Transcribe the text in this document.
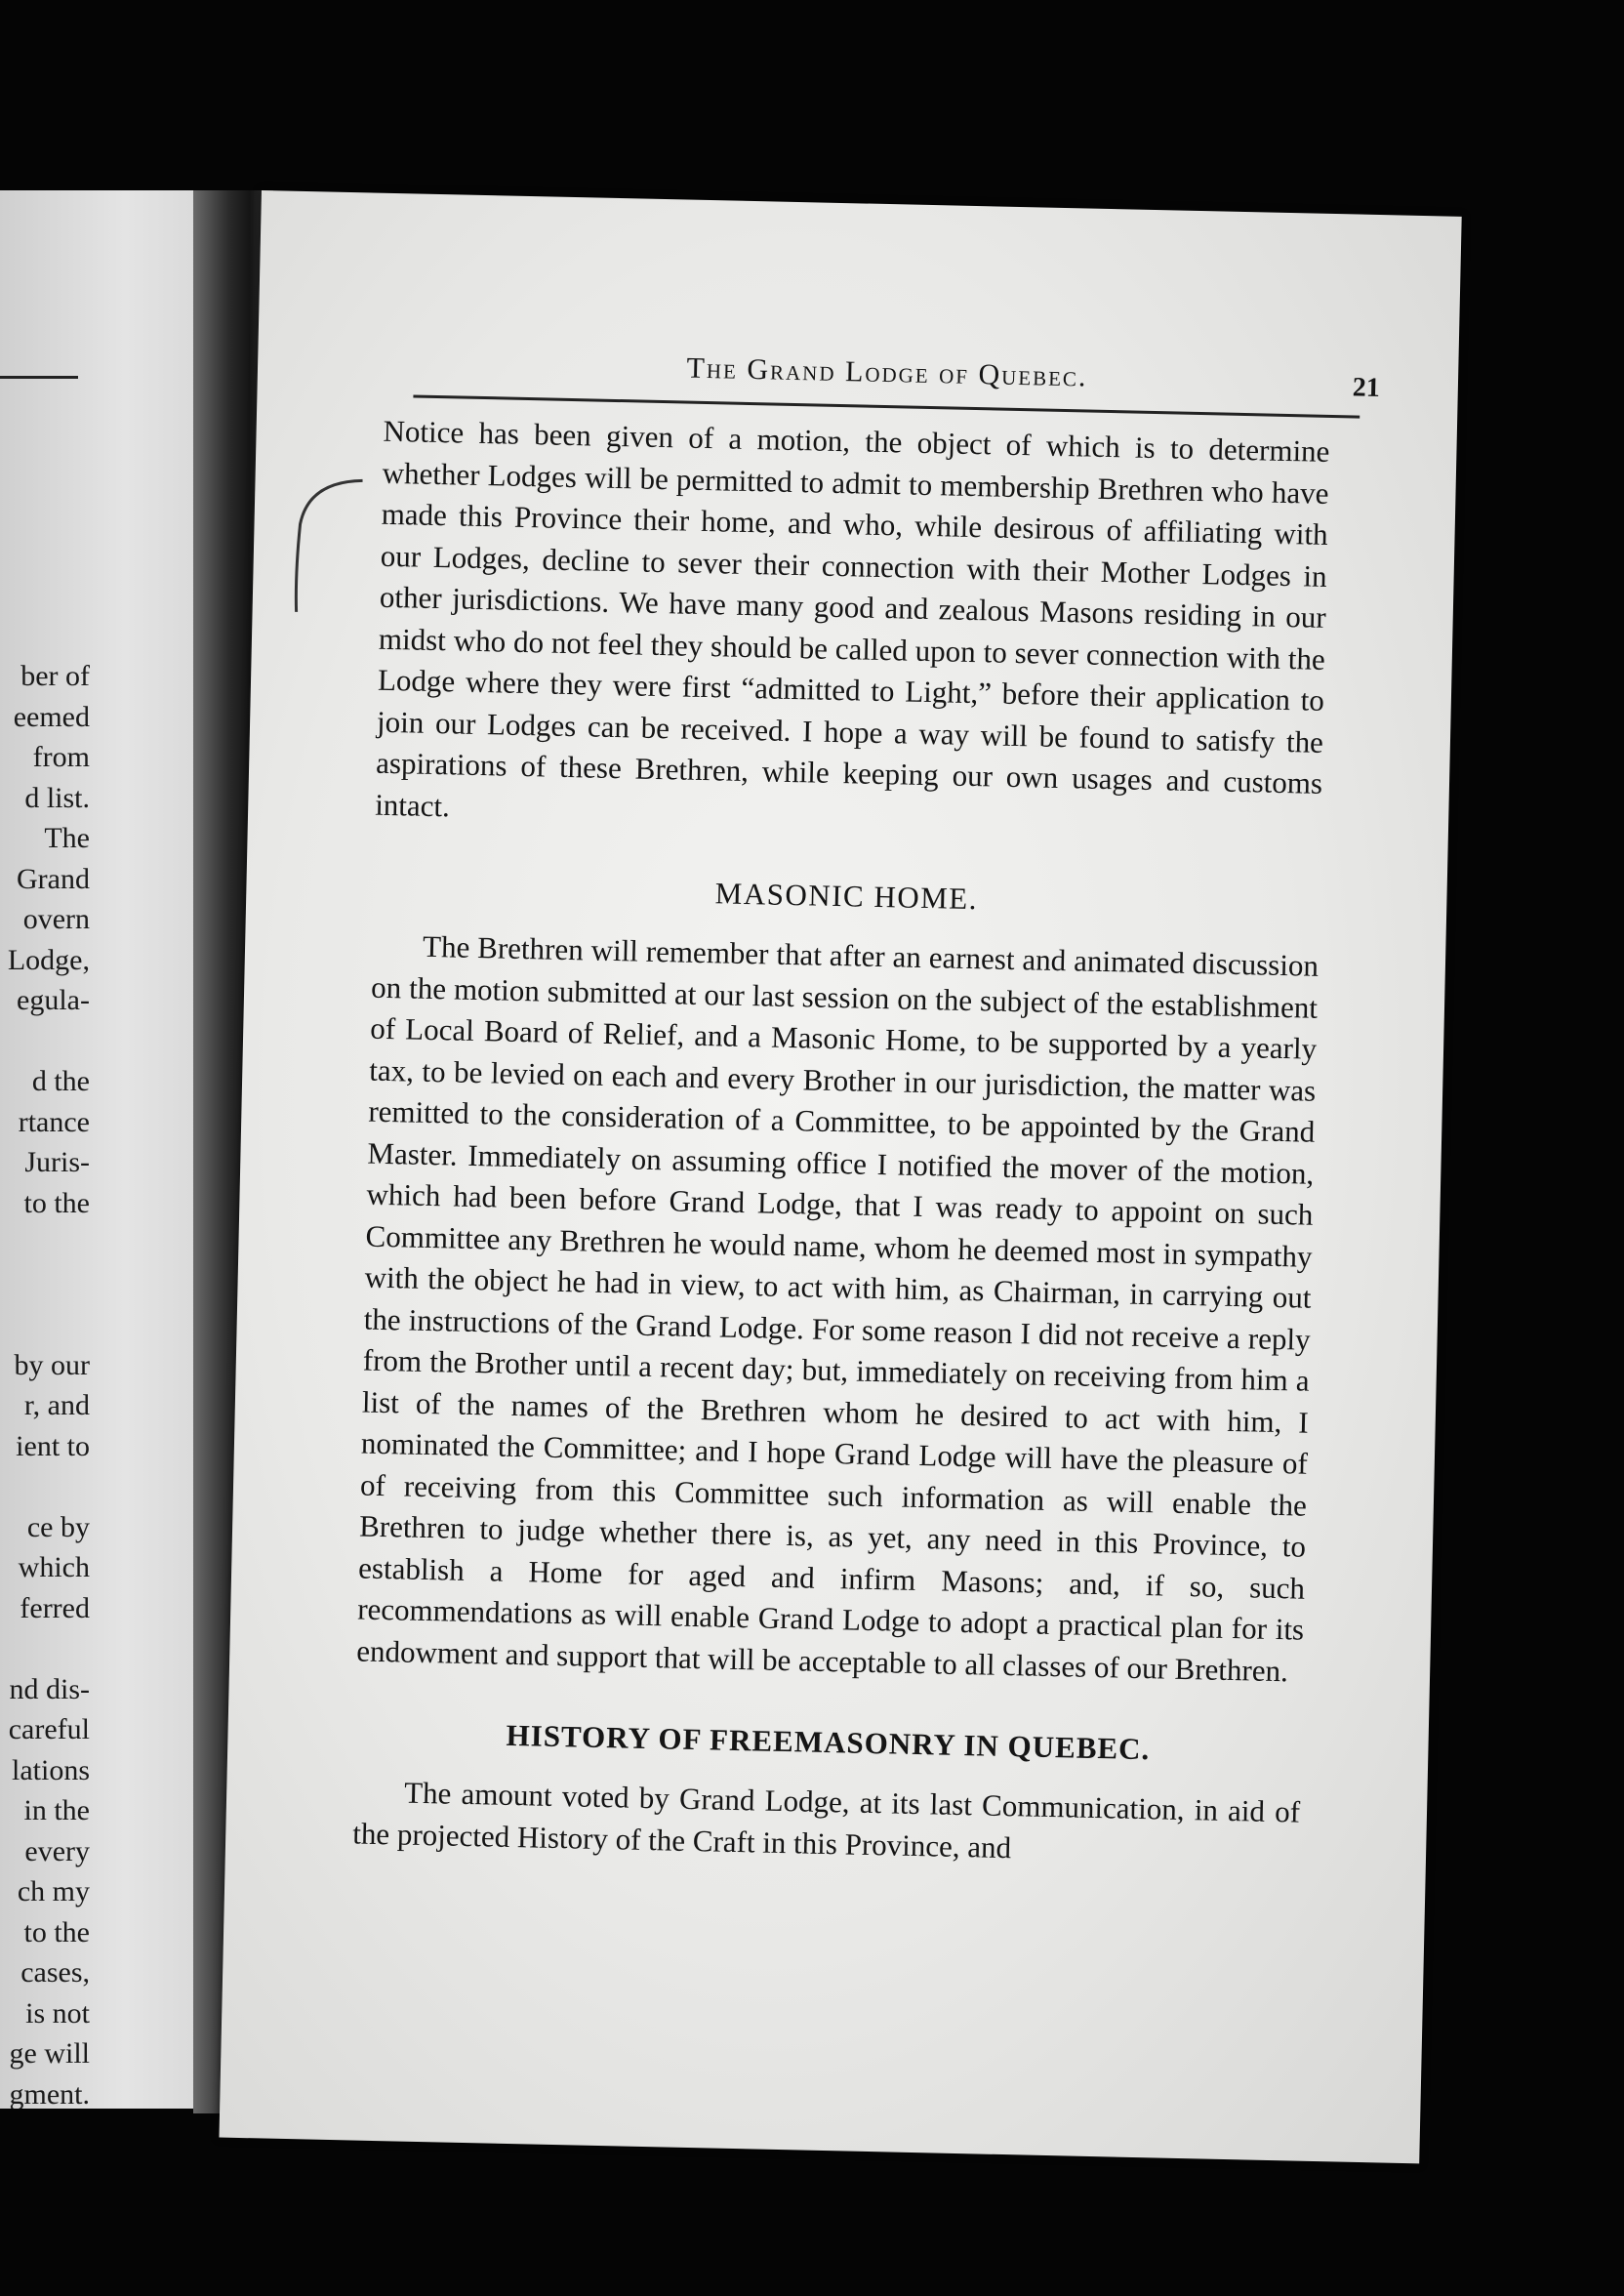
ber of
eemed
from
d list.
The
Grand
overn
Lodge,
egula-
d the
rtance
Juris-
to the
by our
r, and
ient to
ce by
which
ferred
nd dis-
careful
lations
in the
every
ch my
to the
cases,
is not
ge will
gment.
The Grand Lodge of Quebec.	21

Notice has been given of a motion, the object of which is to determine whether Lodges will be permitted to admit to membership Brethren who have made this Province their home, and who, while desirous of affiliating with our Lodges, decline to sever their connection with their Mother Lodges in other jurisdictions. We have many good and zealous Masons residing in our midst who do not feel they should be called upon to sever connection with the Lodge where they were first “admitted to Light,” before their application to join our Lodges can be received. I hope a way will be found to satisfy the aspirations of these Brethren, while keeping our own usages and customs intact.

MASONIC HOME.

The Brethren will remember that after an earnest and animated discussion on the motion submitted at our last session on the subject of the establishment of Local Board of Relief, and a Masonic Home, to be supported by a yearly tax, to be levied on each and every Brother in our jurisdiction, the matter was remitted to the consideration of a Committee, to be appointed by the Grand Master. Immediately on assuming office I notified the mover of the motion, which had been before Grand Lodge, that I was ready to appoint on such Committee any Brethren he would name, whom he deemed most in sympathy with the object he had in view, to act with him, as Chairman, in carrying out the instructions of the Grand Lodge. For some reason I did not receive a reply from the Brother until a recent day; but, immediately on receiving from him a list of the names of the Brethren whom he desired to act with him, I nominated the Committee; and I hope Grand Lodge will have the pleasure of of receiving from this Committee such information as will enable the Brethren to judge whether there is, as yet, any need in this Province, to establish a Home for aged and infirm Masons; and, if so, such recommendations as will enable Grand Lodge to adopt a practical plan for its endowment and support that will be acceptable to all classes of our Brethren.

HISTORY OF FREEMASONRY IN QUEBEC.

The amount voted by Grand Lodge, at its last Communication, in aid of the projected History of the Craft in this Province, and
